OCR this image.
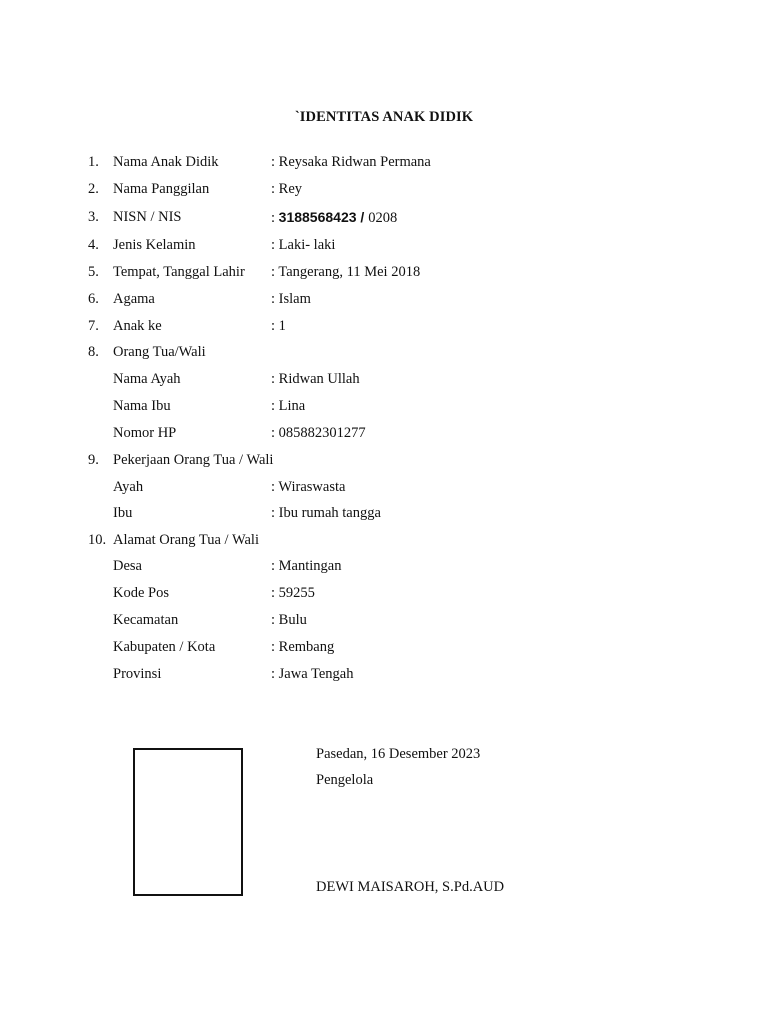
`IDENTITAS ANAK DIDIK
1. Nama Anak Didik	: Reysaka Ridwan Permana
2. Nama Panggilan	: Rey
3. NISN / NIS	: 3188568423 / 0208
4. Jenis Kelamin	: Laki- laki
5. Tempat, Tanggal Lahir : Tangerang, 11 Mei 2018
6. Agama	: Islam
7. Anak ke	: 1
8. Orang Tua/Wali
Nama Ayah	: Ridwan Ullah
Nama Ibu	: Lina
Nomor HP	: 085882301277
9. Pekerjaan Orang Tua / Wali
Ayah	: Wiraswasta
Ibu	: Ibu rumah tangga
10. Alamat Orang Tua / Wali
Desa	: Mantingan
Kode Pos	: 59255
Kecamatan	: Bulu
Kabupaten / Kota	: Rembang
Provinsi	: Jawa Tengah
Pasedan, 16 Desember 2023
Pengelola
DEWI MAISAROH, S.Pd.AUD
